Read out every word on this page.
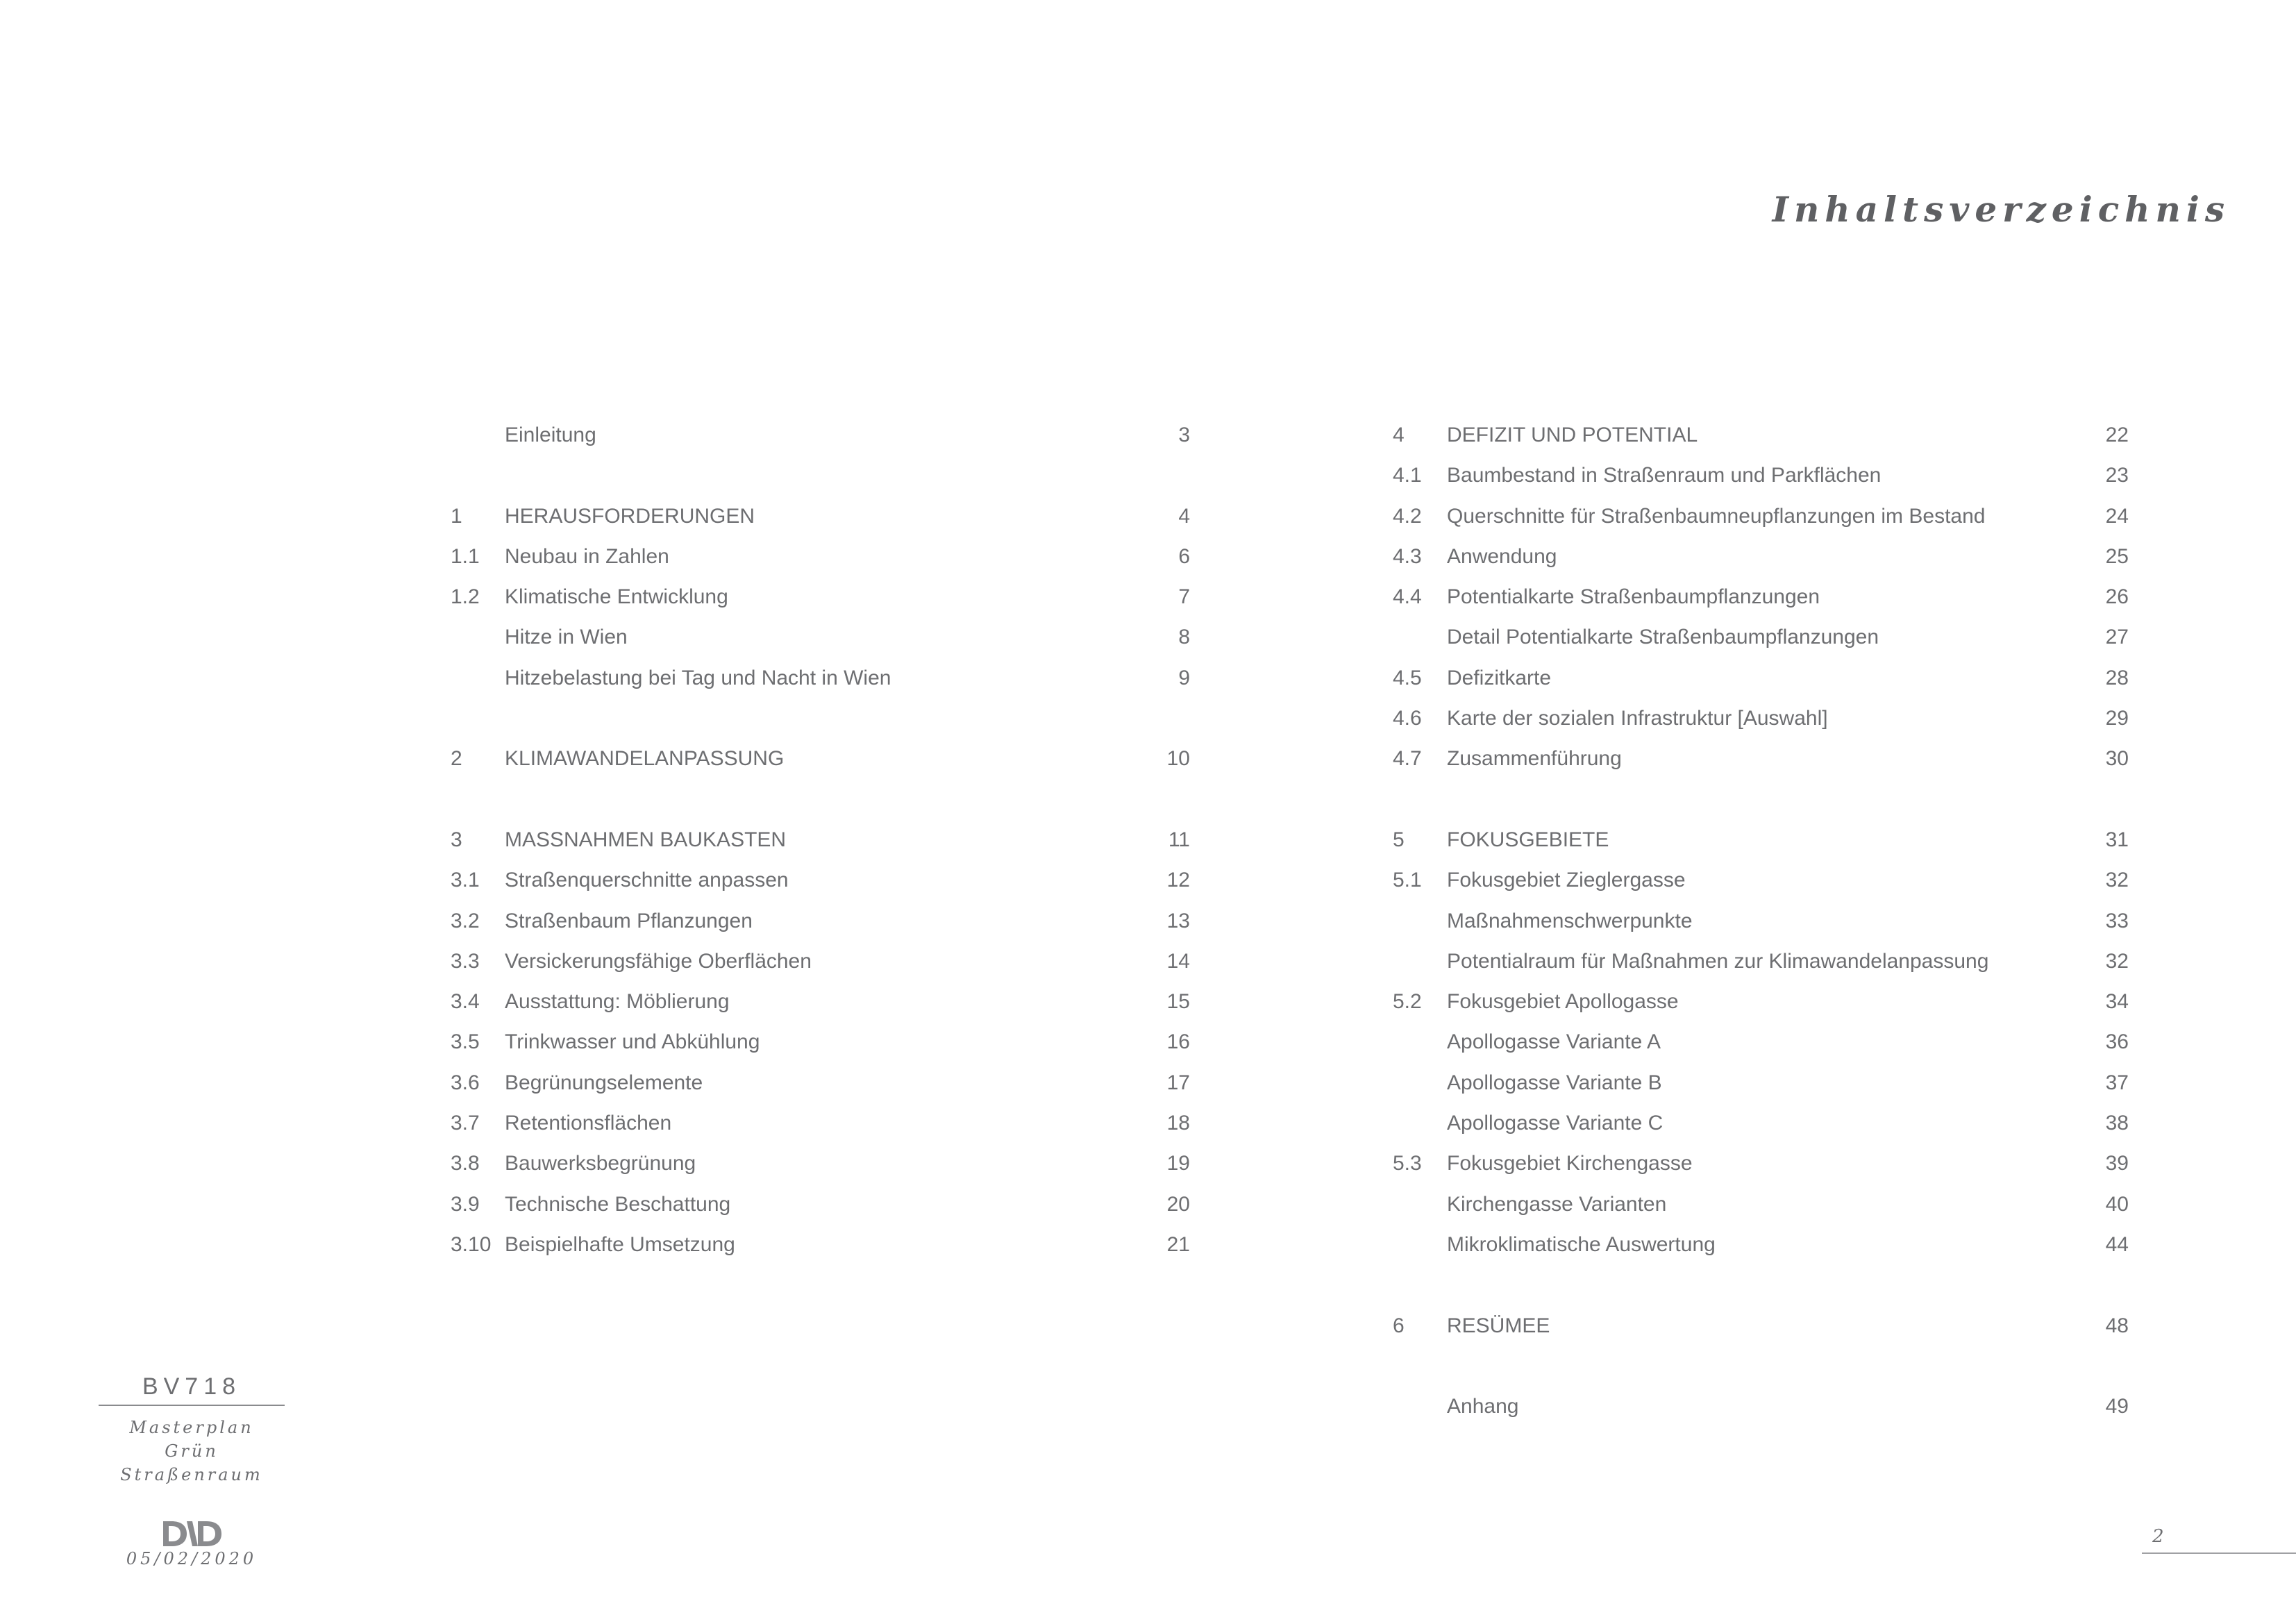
Inhaltsverzeichnis
Einleitung	3
1 HERAUSFORDERUNGEN	4
1.1 Neubau in Zahlen	6
1.2 Klimatische Entwicklung	7
Hitze in Wien	8
Hitzebelastung bei Tag und Nacht in Wien	9
2 KLIMAWANDELANPASSUNG	10
3 MASSNAHMEN BAUKASTEN	11
3.1 Straßenquerschnitte anpassen	12
3.2 Straßenbaum Pflanzungen	13
3.3 Versickerungsfähige Oberflächen	14
3.4 Ausstattung: Möblierung	15
3.5 Trinkwasser und Abkühlung	16
3.6 Begrünungselemente	17
3.7 Retentionsflächen	18
3.8 Bauwerksbegrünung	19
3.9 Technische Beschattung	20
3.10 Beispielhafte Umsetzung	21
4 DEFIZIT UND POTENTIAL	22
4.1 Baumbestand in Straßenraum und Parkflächen	23
4.2 Querschnitte für Straßenbaumneupflanzungen im Bestand	24
4.3 Anwendung	25
4.4 Potentialkarte Straßenbaumpflanzungen	26
Detail Potentialkarte Straßenbaumpflanzungen	27
4.5 Defizitkarte	28
4.6 Karte der sozialen Infrastruktur [Auswahl]	29
4.7 Zusammenführung	30
5 FOKUSGEBIETE	31
5.1 Fokusgebiet Zieglergasse	32
Maßnahmenschwerpunkte	33
Potentialraum für Maßnahmen zur Klimawandelanpassung	32
5.2 Fokusgebiet Apollogasse	34
Apollogasse Variante A	36
Apollogasse Variante B	37
Apollogasse Variante C	38
5.3 Fokusgebiet Kirchengasse	39
Kirchengasse Varianten	40
Mikroklimatische Auswertung	44
6 RESÜMEE	48
Anhang	49
BV718
Masterplan Grün
Straßenraum
05/02/2020
2
